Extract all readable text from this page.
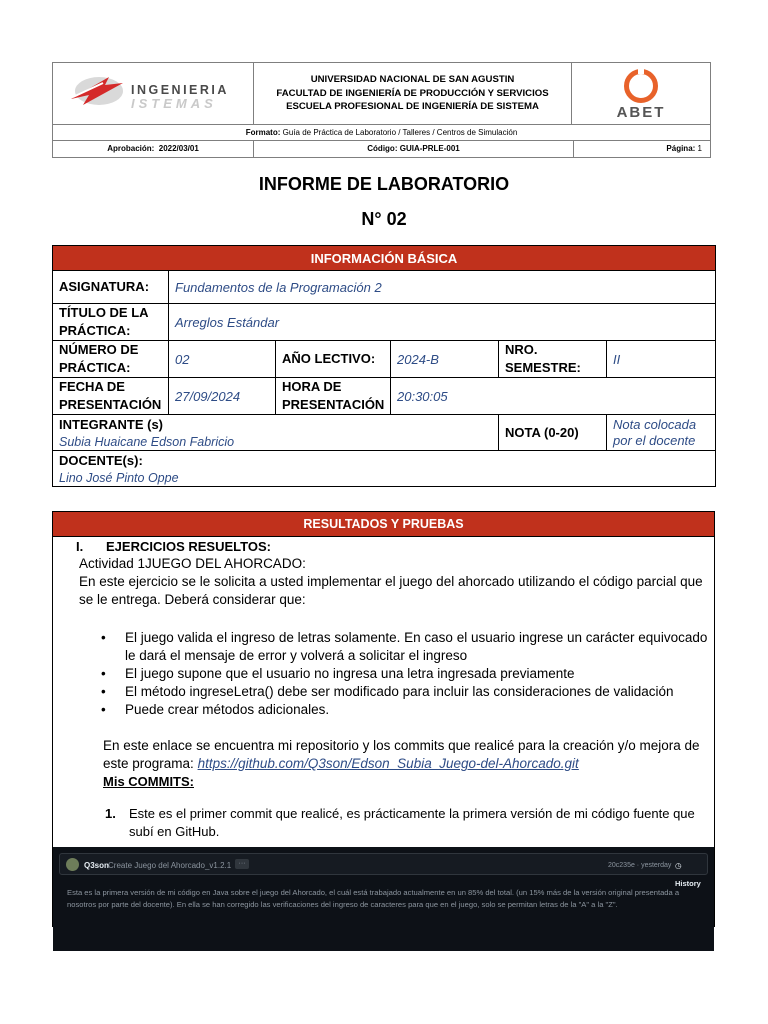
INGENIERIA
ISTEMAS
UNIVERSIDAD NACIONAL DE SAN AGUSTIN
FACULTAD DE INGENIERÍA DE PRODUCCIÓN Y SERVICIOS
ESCUELA PROFESIONAL DE INGENIERÍA DE SISTEMA	ABET
Formato: Guía de Práctica de Laboratorio / Talleres / Centros de Simulación
Aprobación: 2022/03/01	Código: GUIA-PRLE-001	Página: 1
INFORME DE LABORATORIO
N° 02
INFORMACIÓN BÁSICA					
ASIGNATURA:	Fundamentos de la Programación 2				
TÍTULO DE LA PRÁCTICA:	Arreglos Estándar				
NÚMERO DE PRÁCTICA:	02	AÑO LECTIVO:	2024-B	NRO. SEMESTRE:	II
FECHA DE PRESENTACIÓN	27/09/2024	HORA DE PRESENTACIÓN	20:30:05		

INTEGRANTE (s)
Subia Huaicane Edson Fabricio				NOTA (0-20)	Nota colocada por el docente

DOCENTE(s):
Lino José Pinto Oppe					
RESULTADOS Y PRUEBAS
I. EJERCICIOS RESUELTOS:
Actividad 1JUEGO DEL AHORCADO:
En este ejercicio se le solicita a usted implementar el juego del ahorcado utilizando el código parcial que se le entrega. Deberá considerar que:
• El juego valida el ingreso de letras solamente. En caso el usuario ingrese un carácter equivocado le dará el mensaje de error y volverá a solicitar el ingreso
• El juego supone que el usuario no ingresa una letra ingresada previamente
• El método ingreseLetra() debe ser modificado para incluir las consideraciones de validación
• Puede crear métodos adicionales.
En este enlace se encuentra mi repositorio y los commits que realicé para la creación y/o mejora de este programa: https://github.com/Q3son/Edson_Subia_Juego-del-Ahorcado.git
Mis COMMITS:
1.	Este es el primer commit que realicé, es prácticamente la primera versión de mi código fuente que subí en GitHub.
Q3son Create Juego del Ahorcado_v1.2.1	···	20c235e · yesterday ◷ History
Esta es la primera versión de mi código en Java sobre el juego del Ahorcado, el cuál está trabajado actualmente en un 85% del total. (un 15% más de la versión original presentada a nosotros por parte del docente). En ella se han corregido las verificaciones del ingreso de caracteres para que en el juego, solo se permitan letras de la "A" a la "Z".
